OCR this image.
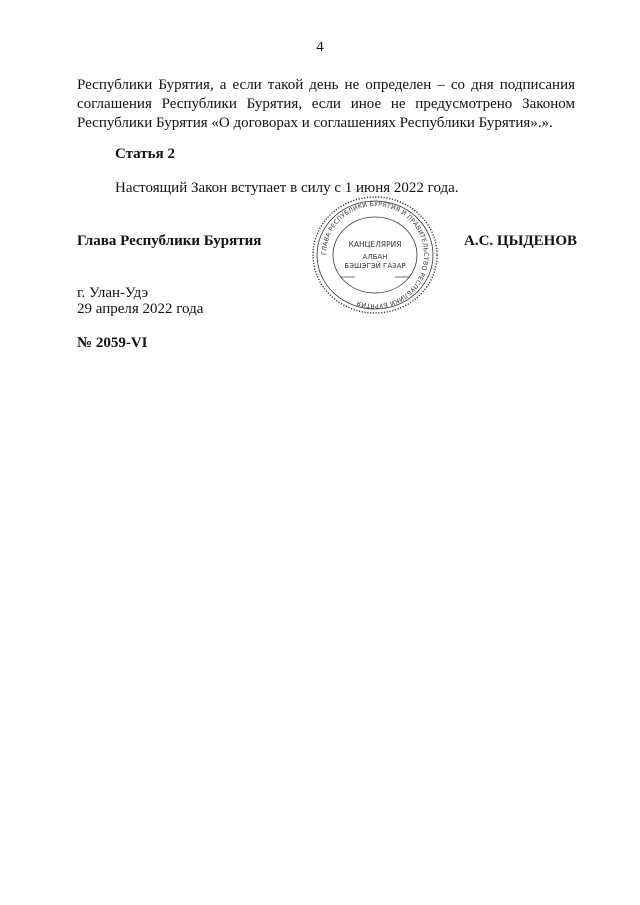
4
Республики Бурятия, а если такой день не определен – со дня подписания
соглашения Республики Бурятия, если иное не предусмотрено Законом
Республики Бурятия «О договорах и соглашениях Республики Бурятия».».
Статья 2
Настоящий Закон вступает в силу с 1 июня 2022 года.
Глава Республики Бурятия
ГЛАВА РЕСПУБЛИКИ БУРЯТИЯ И ПРАВИТЕЛЬСТВО РЕСПУБЛИКИ БУРЯТИЯ
КАНЦЕЛЯРИЯ
АЛБАН
БЭШЭГЭЙ ГАЗАР
А.С. ЦЫДЕНОВ
г. Улан-Удэ
29 апреля 2022 года
№ 2059-VI
